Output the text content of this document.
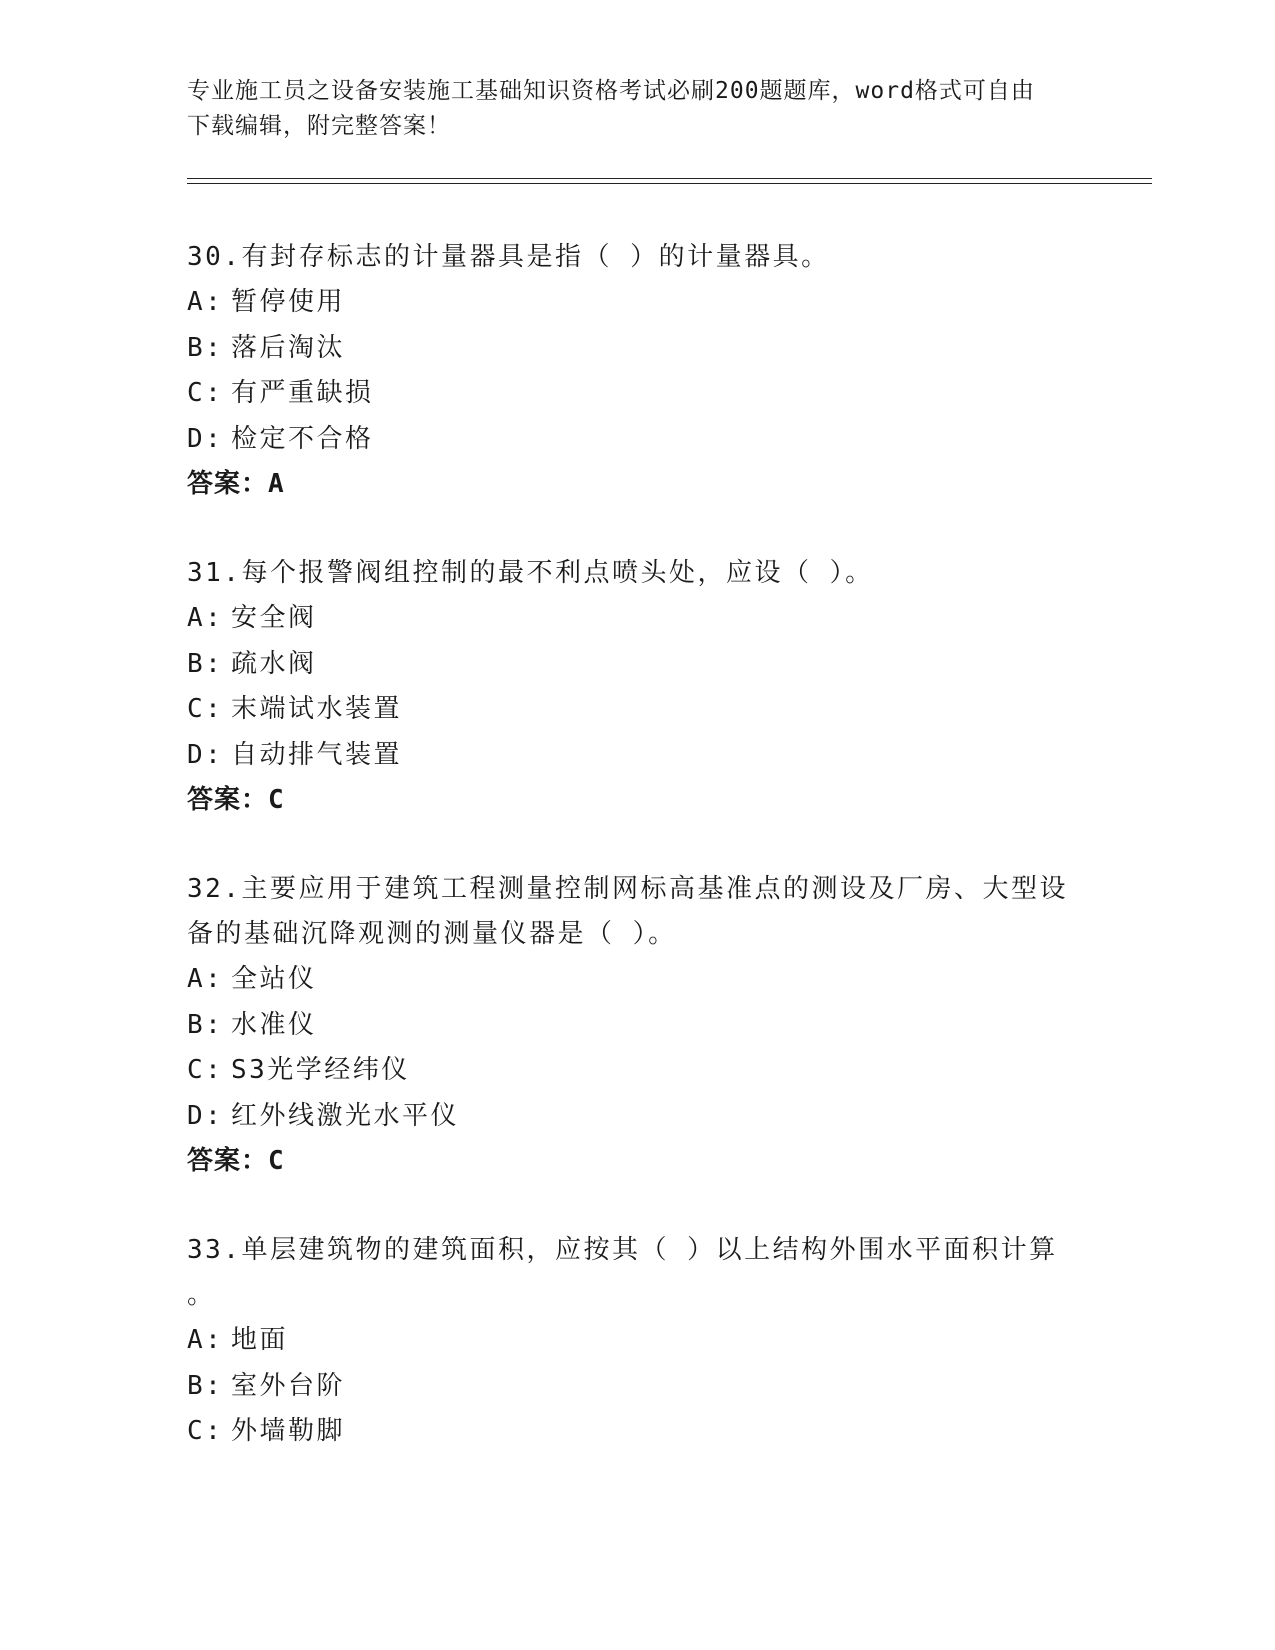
专业施工员之设备安装施工基础知识资格考试必刷200题题库，word格式可自由
下载编辑，附完整答案！
30.有封存标志的计量器具是指（ ）的计量器具。
A: 暂停使用
B: 落后淘汰
C: 有严重缺损
D: 检定不合格
答案：A
31.每个报警阀组控制的最不利点喷头处，应设（ ）。
A: 安全阀
B: 疏水阀
C: 末端试水装置
D: 自动排气装置
答案：C
32.主要应用于建筑工程测量控制网标高基准点的测设及厂房、大型设
备的基础沉降观测的测量仪器是（ ）。
A: 全站仪
B: 水准仪
C: S3光学经纬仪
D: 红外线激光水平仪
答案：C
33.单层建筑物的建筑面积，应按其（ ）以上结构外围水平面积计算
。
A: 地面
B: 室外台阶
C: 外墙勒脚
